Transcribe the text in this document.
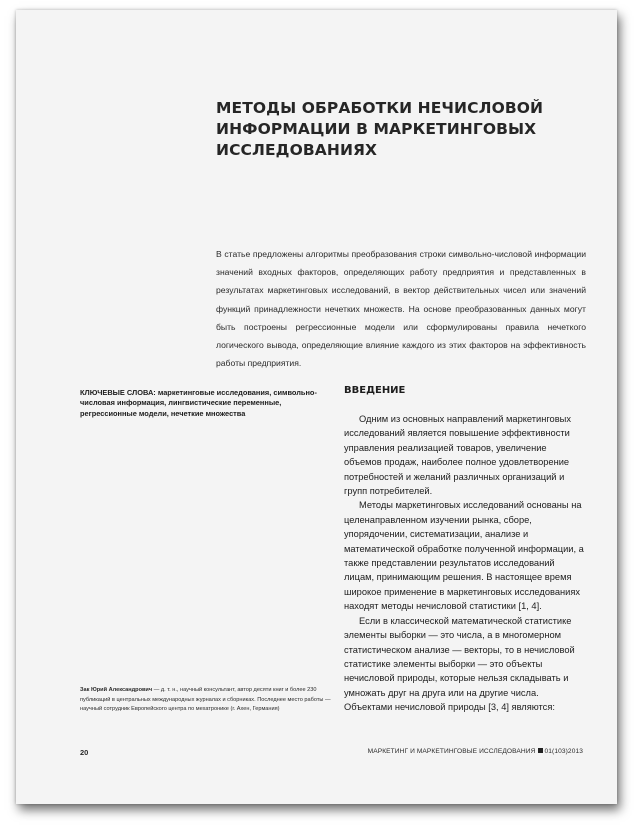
МЕТОДЫ ОБРАБОТКИ НЕЧИСЛОВОЙ
ИНФОРМАЦИИ В МАРКЕТИНГОВЫХ
ИССЛЕДОВАНИЯХ

В статье предложены алгоритмы преобразования строки символьно-числовой информации значений входных факторов, определяющих работу предприятия и представленных в результатах маркетинговых исследований, в вектор действительных чисел или значений функций принадлежности нечетких множеств. На основе преобразованных данных могут быть построены регрессионные модели или сформулированы правила нечеткого логического вывода, определяющие влияние каждого из этих факторов на эффективность работы предприятия.

КЛЮЧЕВЫЕ СЛОВА: маркетинговые исследования, символьно-числовая информация, лингвистические переменные, регрессионные модели, нечеткие множества

ВВЕДЕНИЕ

Одним из основных направлений маркетинговых исследований является повышение эффективности управления реализацией товаров, увеличение объемов продаж, наиболее полное удовлетворение потребностей и желаний различных организаций и групп потребителей.

Методы маркетинговых исследований основаны на целенаправленном изучении рынка, сборе, упорядочении, систематизации, анализе и математической обработке полученной информации, а также представлении результатов исследований лицам, принимающим решения. В настоящее время широкое применение в маркетинговых исследованиях находят методы нечисловой статистики [1, 4].

Если в классической математической статистике элементы выборки — это числа, а в многомерном статистическом анализе — векторы, то в нечисловой статистике элементы выборки — это объекты нечисловой природы, которые нельзя складывать и умножать друг на друга или на другие числа. Объектами нечисловой природы [3, 4] являются:

Зак Юрий Александрович — д. т. н., научный консультант, автор десяти книг и более 230 публикаций в центральных международных журналах и сборниках. Последнее место работы — научный сотрудник Европейского центра по мехатронике (г. Ахен, Германия)

20	МАРКЕТИНГ И МАРКЕТИНГОВЫЕ ИССЛЕДОВАНИЯ 01(103)2013
